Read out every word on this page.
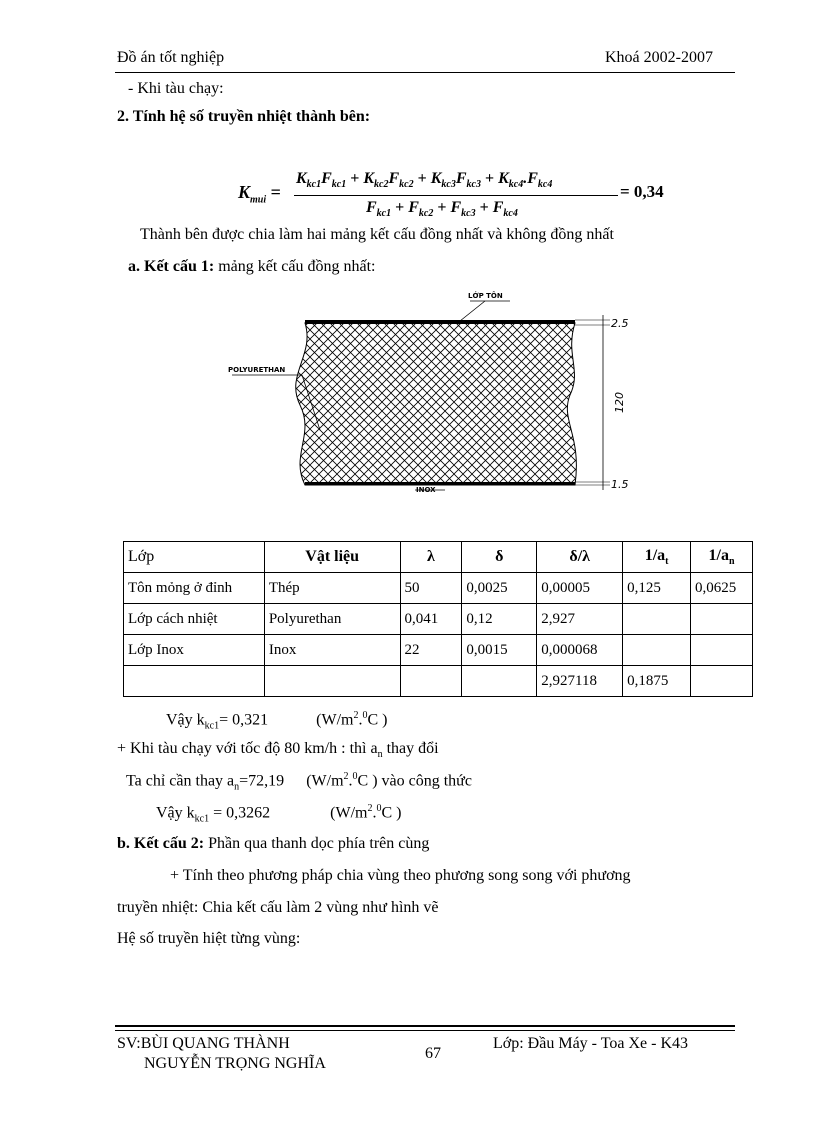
Đồ án tốt nghiệp	Khoá 2002-2007
- Khi tàu chạy:
2. Tính hệ số truyền nhiệt thành bên:
$K_{mui}$ =
$K_{kc1}F_{kc1} + K_{kc2}F_{kc2} + K_{kc3}F_{kc3} + K_{kc4}.F_{kc4}$
$F_{kc1} + F_{kc2} + F_{kc3} + F_{kc4}$
= 0,34
Thành bên được chia làm hai mảng kết cấu đồng nhất và không đồng nhất
a. Kết cấu 1: mảng kết cấu đồng nhất:
LỚP TÔN
POLYURETHAN
INOX
2.5
1.5
120
Lớp	Vật liệu	λ	δ	δ/λ	$1/a_t$	$1/a_n$
Tôn mỏng ở đỉnh	Thép	50	0,0025	0,00005	0,125	0,0625
Lớp cách nhiệt	Polyurethan	0,041	0,12	2,927		
Lớp Inox	Inox	22	0,0015	0,000068		
				2,927118	0,1875	
Vậy $k_{kc1}= 0,321$	($W/m^2.^0C$ )
+ Khi tàu chạy với tốc độ 80 km/h : thì $a_n$ thay đổi
Ta chỉ cần thay $a_n=72,19$ ($W/m^2.^0C$ ) vào công thức
Vậy $k_{kc1} = 0,3262$	($W/m^2.^0C$ )
b. Kết cấu 2: Phần qua thanh dọc phía trên cùng
+ Tính theo phương pháp chia vùng theo phương song song với phương
truyền nhiệt: Chia kết cấu làm 2 vùng như hình vẽ
Hệ số truyền hiệt từng vùng:
SV:BÙI QUANG THÀNH
NGUYỄN TRỌNG NGHĨA
67
Lớp: Đầu Máy - Toa Xe - K43
